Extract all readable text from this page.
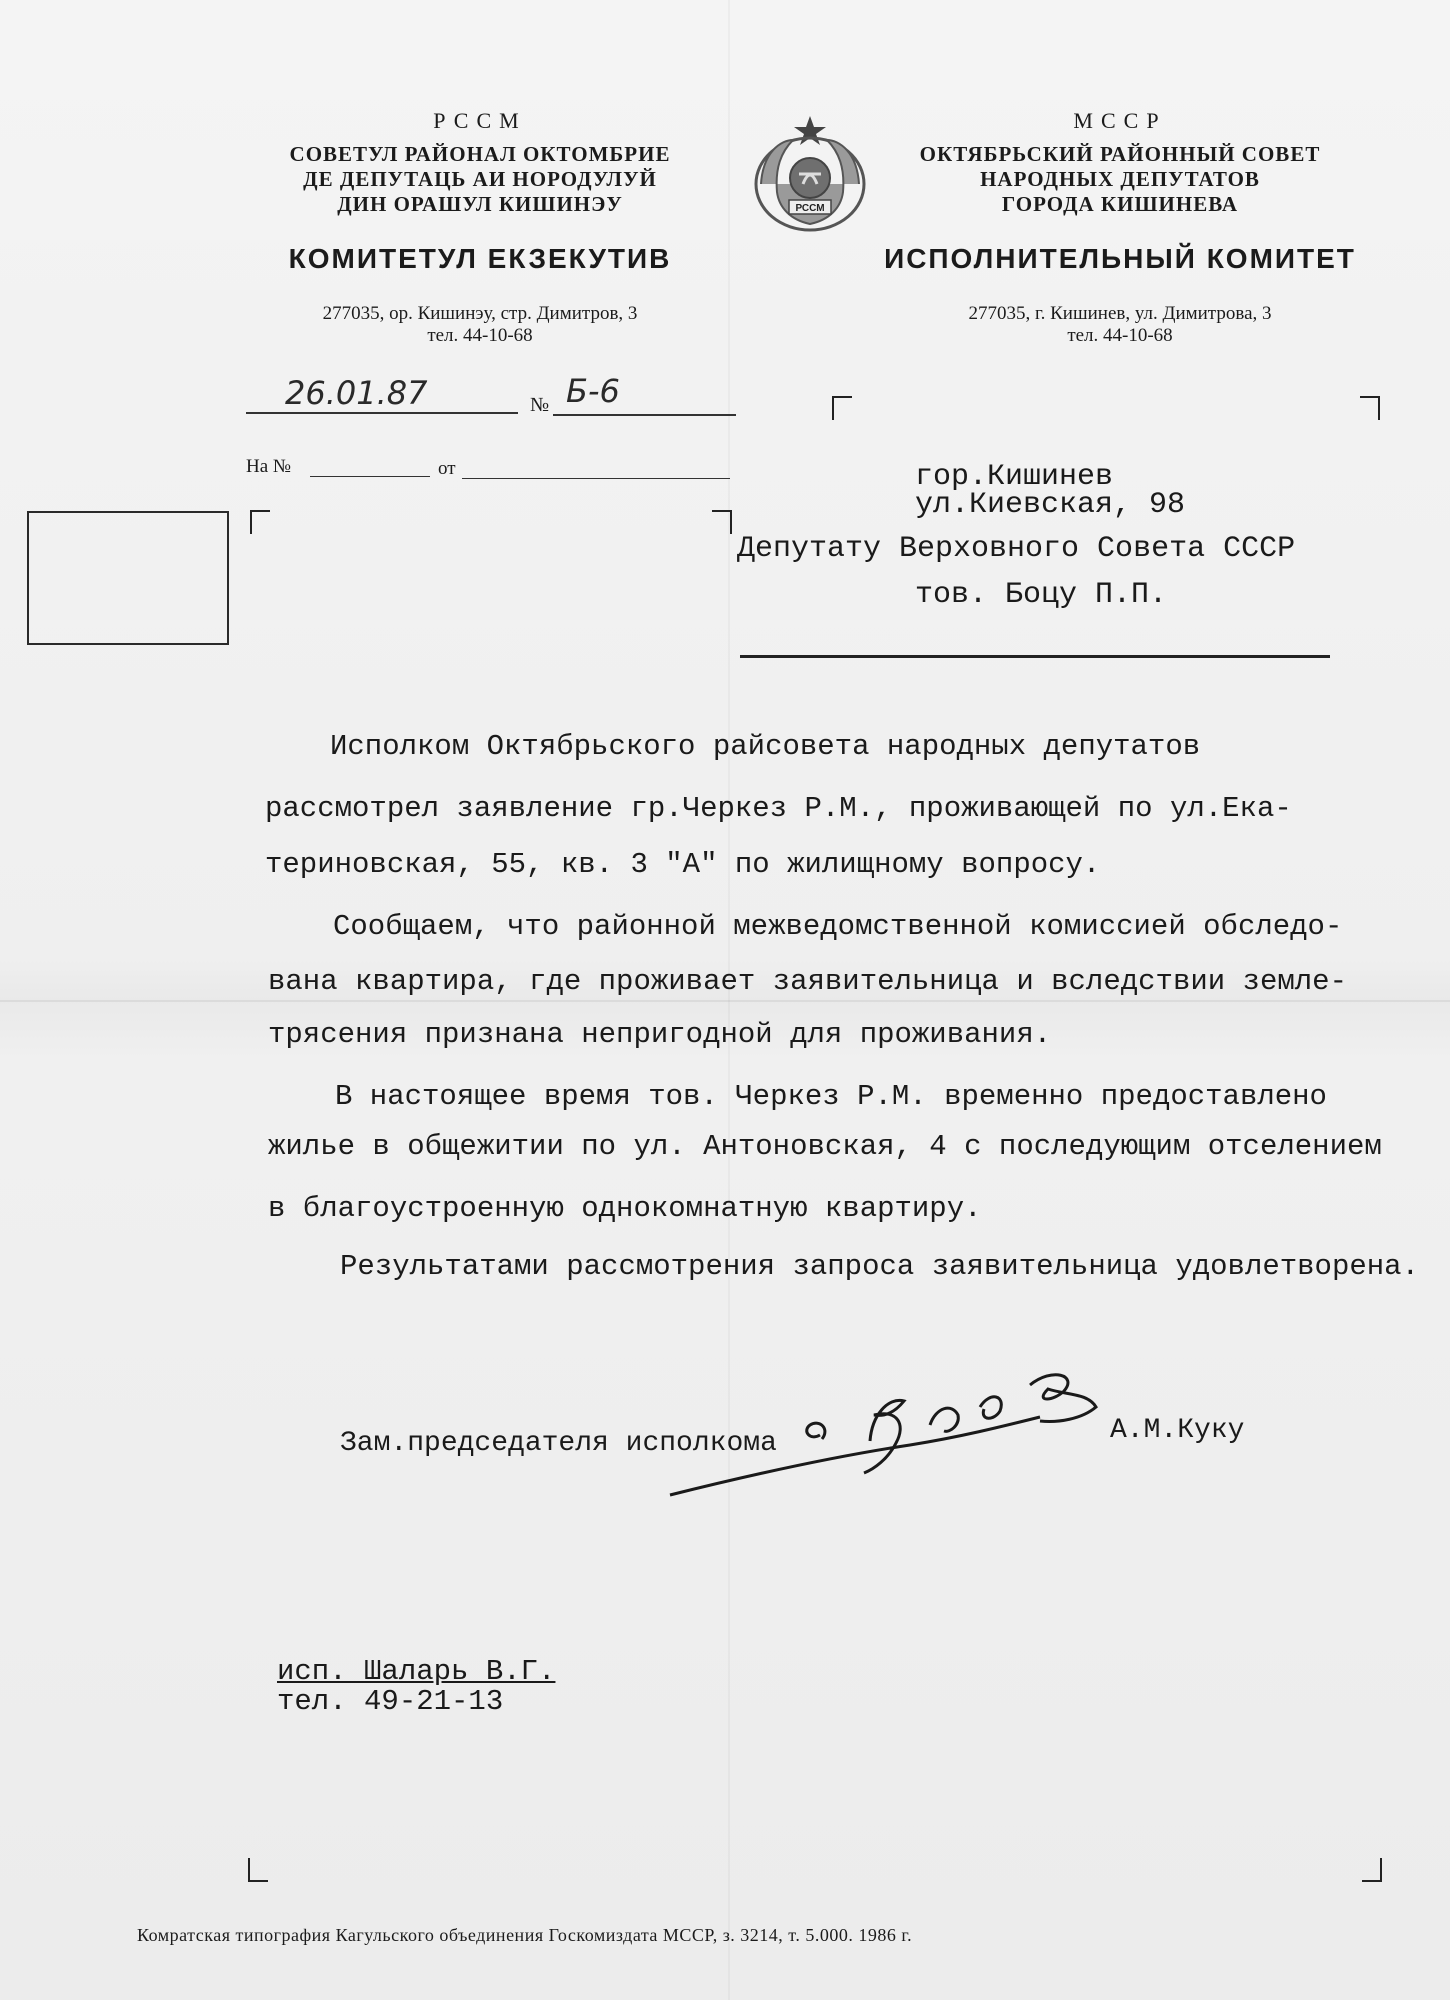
РССМ
СОВЕТУЛ РАЙОНАЛ ОКТОМБРИЕ
ДЕ ДЕПУТАЦЬ АИ НОРОДУЛУЙ
ДИН ОРАШУЛ КИШИНЭУ
КОМИТЕТУЛ ЕКЗЕКУТИВ
277035, ор. Кишинэу, стр. Димитров, 3
тел. 44-10-68
РССМ
МССР
ОКТЯБРЬСКИЙ РАЙОННЫЙ СОВЕТ
НАРОДНЫХ ДЕПУТАТОВ
ГОРОДА КИШИНЕВА
ИСПОЛНИТЕЛЬНЫЙ КОМИТЕТ
277035, г. Кишинев, ул. Димитрова, 3
тел. 44-10-68
26.01.87	№ Б-6
На №	от	гор.Кишинев
ул.Киевская, 98
Депутату Верховного Совета СССР
тов. Боцу П.П.
Исполком Октябрьского райсовета народных депутатов
рассмотрел заявление гр.Черкез Р.М., проживающей по ул.Ека-
териновская, 55, кв. 3 "А" по жилищному вопросу.
Сообщаем, что районной межведомственной комиссией обследо-
вана квартира, где проживает заявительница и вследствии земле-
трясения признана непригодной для проживания.
В настоящее время тов. Черкез Р.М. временно предоставлено
жилье в общежитии по ул. Антоновская, 4 с последующим отселением
в благоустроенную однокомнатную квартиру.
Результатами рассмотрения запроса заявительница удовлетворена.
Зам.председателя исполкома	А.М.Куку
исп. Шаларь В.Г.
тел. 49-21-13
Комратская типография Кагульского объединения Госкомиздата МССР, з. 3214, т. 5.000. 1986 г.
